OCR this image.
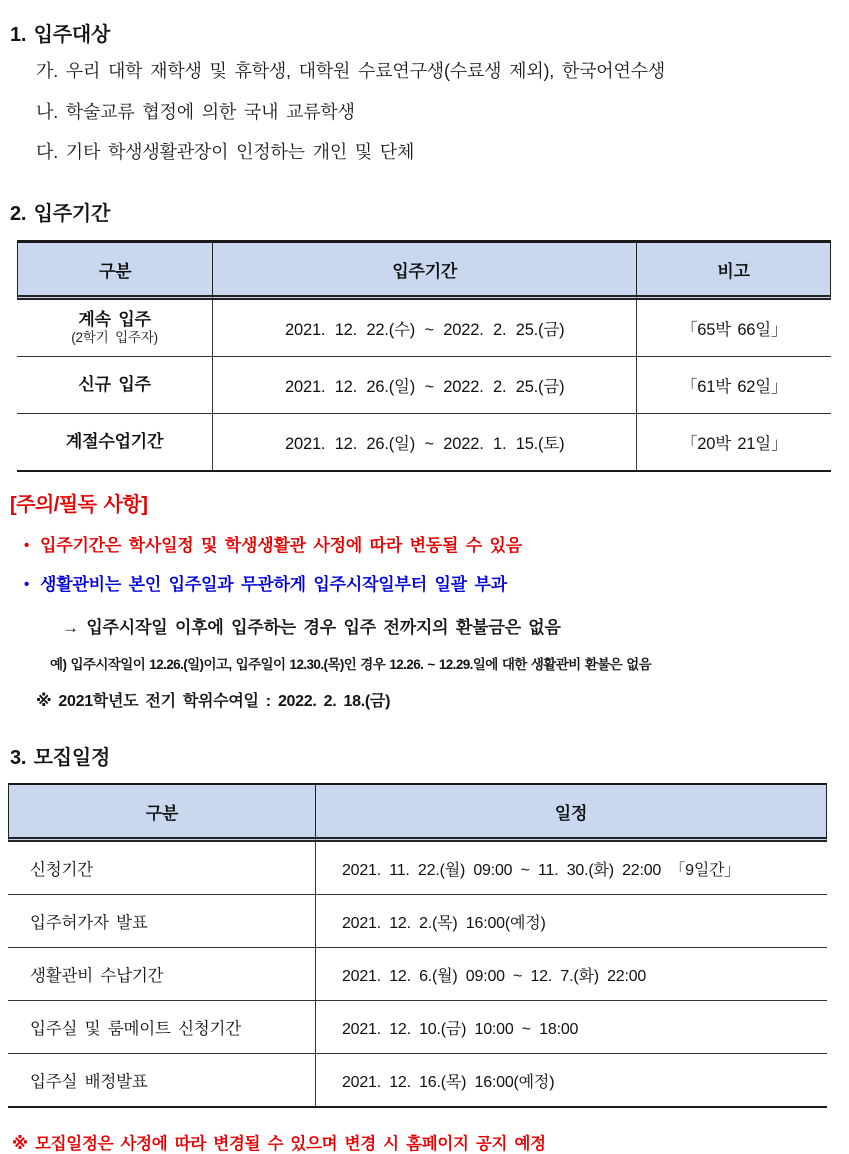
1. 입주대상
가. 우리 대학 재학생 및 휴학생, 대학원 수료연구생(수료생 제외), 한국어연수생
나. 학술교류 협정에 의한 국내 교류학생
다. 기타 학생생활관장이 인정하는 개인 및 단체
2. 입주기간
구분	입주기간	비고
계속 입주
(2학기 입주자)	2021. 12. 22.(수) ~ 2022. 2. 25.(금)	「65박 66일」
신규 입주	2021. 12. 26.(일) ~ 2022. 2. 25.(금)	「61박 62일」
계절수업기간	2021. 12. 26.(일) ~ 2022. 1. 15.(토)	「20박 21일」
[주의/필독 사항]
• 입주기간은 학사일정 및 학생생활관 사정에 따라 변동될 수 있음
• 생활관비는 본인 입주일과 무관하게 입주시작일부터 일괄 부과
→ 입주시작일 이후에 입주하는 경우 입주 전까지의 환불금은 없음
예) 입주시작일이 12.26.(일)이고, 입주일이 12.30.(목)인 경우 12.26. ~ 12.29.일에 대한 생활관비 환불은 없음
※ 2021학년도 전기 학위수여일 : 2022. 2. 18.(금)
3. 모집일정
구분	일정
신청기간	2021. 11. 22.(월) 09:00 ~ 11. 30.(화) 22:00 「9일간」
입주허가자 발표	2021. 12. 2.(목) 16:00(예정)
생활관비 수납기간	2021. 12. 6.(월) 09:00 ~ 12. 7.(화) 22:00
입주실 및 룸메이트 신청기간	2021. 12. 10.(금) 10:00 ~ 18:00
입주실 배정발표	2021. 12. 16.(목) 16:00(예정)
※ 모집일정은 사정에 따라 변경될 수 있으며 변경 시 홈페이지 공지 예정
